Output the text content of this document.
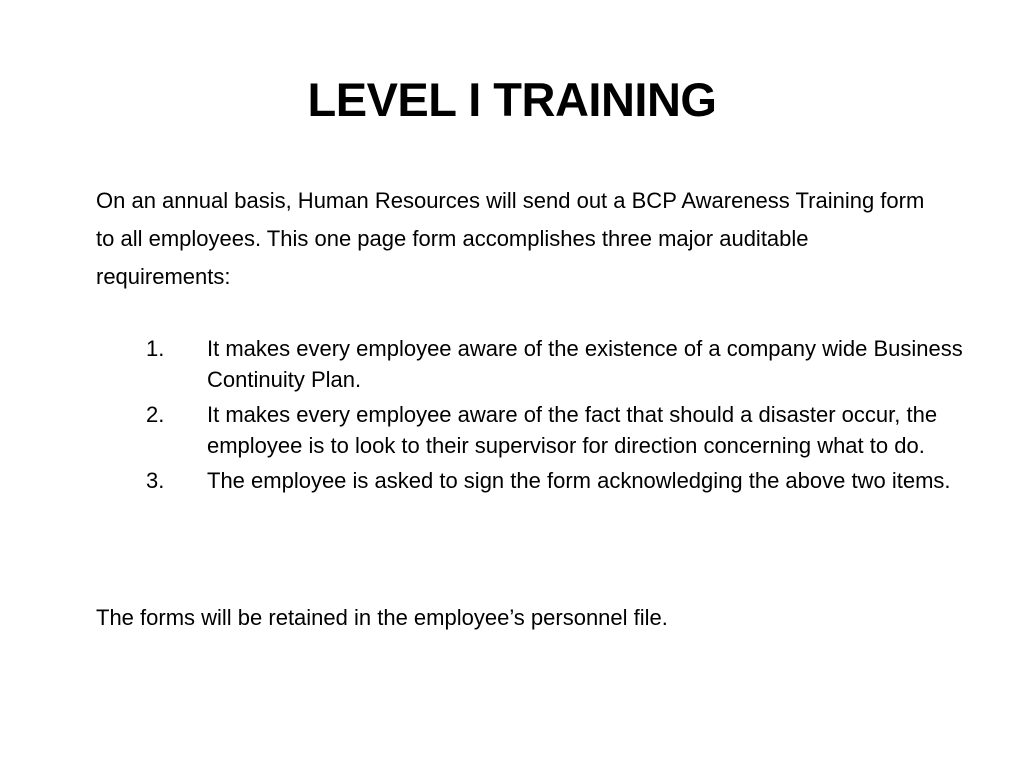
LEVEL I TRAINING
On an annual basis, Human Resources will send out a BCP Awareness Training form to all employees. This one page form accomplishes three major auditable requirements:
1. It makes every employee aware of the existence of a company wide Business Continuity Plan.
2. It makes every employee aware of the fact that should a disaster occur, the employee is to look to their supervisor for direction concerning what to do.
3. The employee is asked to sign the form acknowledging the above two items.
The forms will be retained in the employee’s personnel file.
